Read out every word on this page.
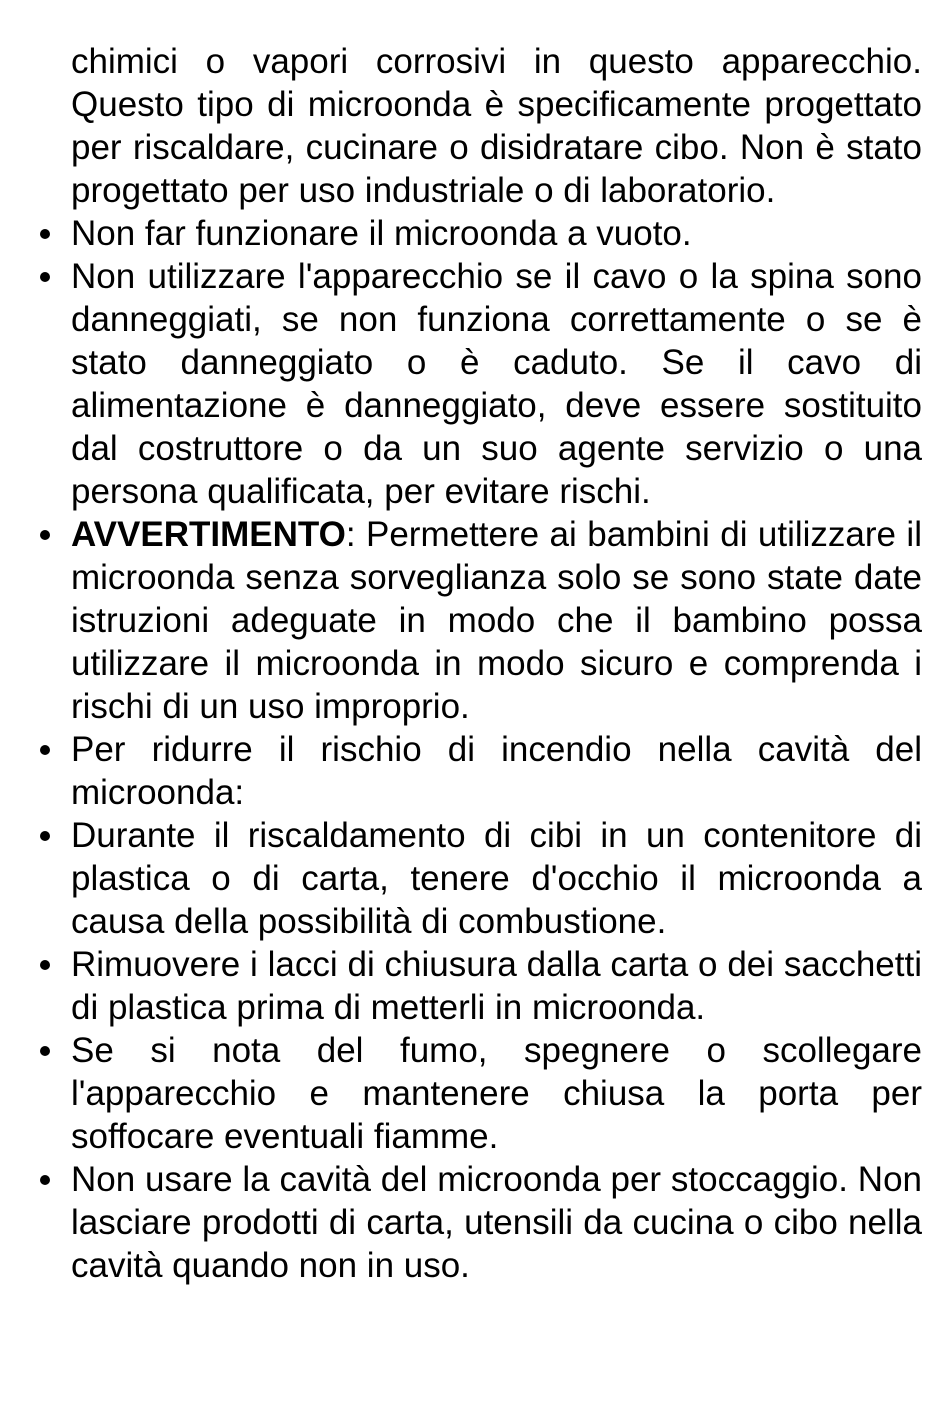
chimici o vapori corrosivi in questo apparecchio. Questo tipo di microonda è specificamente progettato per riscaldare, cucinare o disidratare cibo. Non è stato progettato per uso industriale o di laboratorio.

Non far funzionare il microonda a vuoto.
Non utilizzare l'apparecchio se il cavo o la spina sono danneggiati, se non funziona correttamente o se è stato danneggiato o è caduto. Se il cavo di alimentazione è danneggiato, deve essere sostituito dal costruttore o da un suo agente servizio o una persona qualificata, per evitare rischi.
AVVERTIMENTO: Permettere ai bambini di utilizzare il microonda senza sorveglianza solo se sono state date istruzioni adeguate in modo che il bambino possa utilizzare il microonda in modo sicuro e comprenda i rischi di un uso improprio.
Per ridurre il rischio di incendio nella cavità del microonda:
Durante il riscaldamento di cibi in un contenitore di plastica o di carta, tenere d'occhio il microonda a causa della possibilità di combustione.
Rimuovere i lacci di chiusura dalla carta o dei sacchetti di plastica prima di metterli in microonda.
Se si nota del fumo, spegnere o scollegare l'apparecchio e mantenere chiusa la porta per soffocare eventuali fiamme.
Non usare la cavità del microonda per stoccaggio. Non lasciare prodotti di carta, utensili da cucina o cibo nella cavità quando non in uso.
